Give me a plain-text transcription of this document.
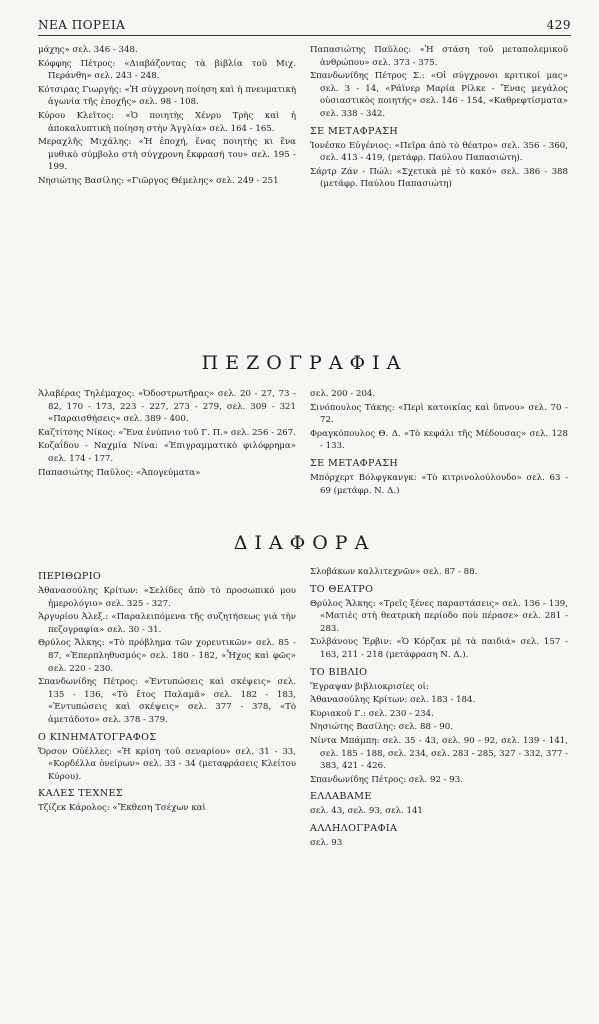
ΝΕΑ ΠΟΡΕΙΑ	429

μάχης» σελ. 346 - 348.

Κόφφης Πέτρος: «Διαβάζοντας τὰ βιβλία τοῦ Μιχ. Περάνθη» σελ. 243 - 248.

Κότσιρας Γιωργής: «Ἡ σύγχρονη ποίηση καὶ ἡ πνευματικὴ ἀγωνία τῆς ἐποχῆς» σελ. 98 - 108.

Κύρου Κλεῖτος: «Ὁ ποιητὴς Χένρυ Τρὴς καὶ ἡ ἀποκαλυπτικὴ ποίηση στὴν Ἀγγλία» σελ. 164 - 165.

Μεραχλῆς Μιχάλης: «Ἡ ἐποχή, ἕνας ποιητὴς κι ἕνα μυθικὸ σύμβολο στὴ σύγχρονη ἔκφρασή του» σελ. 195 - 199.

Νησιώτης Βασίλης: «Γιῶργος Θέμελης» σελ. 249 - 251

Παπασιώτης Παῦλος: «Ἡ στάση τοῦ μεταπολεμικοῦ ἀνθρώπου» σελ. 373 - 375.

Σπανδωνίδης Πέτρος Σ.: «Οἱ σύγχρονοι κριτικοί μας» σελ. 3 - 14, «Ράϊνερ Μαρία Ρίλκε - Ἕνας μεγάλος οὐσιαστικὸς ποιητής» σελ. 146 - 154, «Καθρεφτίσματα» σελ. 338 - 342.

ΣΕ ΜΕΤΑΦΡΑΣΗ

Ἰονέσκο Εὐγένιος: «Πεῖρα ἀπὸ τὸ θέατρο» σελ. 356 - 360, σελ. 413 - 419, (μετάφρ. Παύλου Παπασιώτη).

Σάρτρ Ζάν - Πώλ: «Σχετικὰ μὲ τὸ κακό» σελ. 386 - 388 (μετάφρ. Παύλου Παπασιώτη)

ΠΕΖΟΓΡΑΦΙΑ

Ἀλαβέρας Τηλέμαχος: «Ὀδοστρωτῆρας» σελ. 20 - 27, 73 - 82, 170 - 173, 223 - 227, 273 - 279, σελ. 309 - 321 «Παραισθήσεις» σελ. 389 - 400.

Καζτίτσης Νίκος: «Ἕνα ἐνύπνιο τοῦ Γ. Π.» σελ. 256 - 267.

Κοζαΐδου - Ναχμία Νίνα: «Ἐπιγραμματικὸ φιλόφρημα» σελ. 174 - 177.

Παπασιώτης Παῦλος: «Ἀπογεύματα»

σελ. 200 - 204.

Σινόπουλος Τάκης: «Περὶ κατοικίας καὶ ὕπνου» σελ. 70 - 72.

Φραγκόπουλος Θ. Δ. «Τὸ κεφάλι τῆς Μέδουσας» σελ. 128 - 133.

ΣΕ ΜΕΤΑΦΡΑΣΗ

Μπόρχερτ Βόλφγκανγκ: «Τὸ κιτρινολούλουδο» σελ. 63 - 69 (μετάφρ. Ν. Δ.)

ΔΙΑΦΟΡΑ
ΠΕΡΙΘΩΡΙΟ

Ἀθανασούλης Κρίτων: «Σελίδες ἀπὸ τὸ προσωπικό μου ἡμερολόγιο» σελ. 325 - 327.

Ἀργυρίου Ἀλεξ.: «Παραλειπόμενα τῆς συζητήσεως γιὰ τὴν πεζογραφία» σελ. 30 - 31.

Θρύλος Ἄλκης: «Τὸ πρόβλημα τῶν χορευτικῶν» σελ. 85 - 87, «Ἐπερπληθυσμός» σελ. 180 - 182, «Ἦχος καὶ φῶς» σελ. 220 - 230.

Σπανδωνίδης Πέτρος: «Ἐντυπώσεις καὶ σκέψεις» σελ. 135 - 136, «Τὸ ἔτος Παλαμᾶ» σελ. 182 - 183, «Ἐντυπώσεις καὶ σκέψεις» σελ. 377 - 378, «Τὸ ἀμετάδοτο» σελ. 378 - 379.

Ο ΚΙΝΗΜΑΤΟΓΡΑΦΟΣ

Ὄρσον Οὐέλλες: «Ἡ κρίση τοῦ σεναρίου» σελ. 31 - 33, «Κορδέλλα ὀνείρων» σελ. 33 - 34 (μεταφράσεις Κλείτου Κύρου).

ΚΑΛΕΣ ΤΕΧΝΕΣ

Τζίζεκ Κάρολος: «Ἔκθεση Τσέχων καὶ

Σλοβάκων καλλιτεχνῶν» σελ. 87 - 88.

ΤΟ ΘΕΑΤΡΟ

Θρύλος Ἄλκης: «Τρεῖς ξένες παραστάσεις» σελ. 136 - 139, «Ματιὲς στὴ θεατρικὴ περίοδο ποὺ πέρασε» σελ. 281 - 283.

Συλβάνους Ἐρβιν: «Ὁ Κόρζακ μὲ τὰ παιδιά» σελ. 157 - 163, 211 - 218 (μετάφραση Ν. Δ.).

ΤΟ ΒΙΒΛΙΟ

Ἔγραψαν βιβλιοκρισίες οἱ:

Ἀθανασούλης Κρίτων: σελ. 183 - 184.

Κυριακοῦ Γ.: σελ. 230 - 234.

Νησιώτης Βασίλης: σελ. 88 - 90.

Νίντα Μπάμπη: σελ. 35 - 43, σελ. 90 - 92, σελ. 139 - 141, σελ. 185 - 188, σελ. 234, σελ. 283 - 285, 327 - 332, 377 - 383, 421 - 426.

Σπανδωνίδης Πέτρος: σελ. 92 - 93.

ΕΛΛΑΒΑΜΕ

σελ. 43, σελ. 93, σελ. 141

ΑΛΛΗΛΟΓΡΑΦΙΑ

σελ. 93
